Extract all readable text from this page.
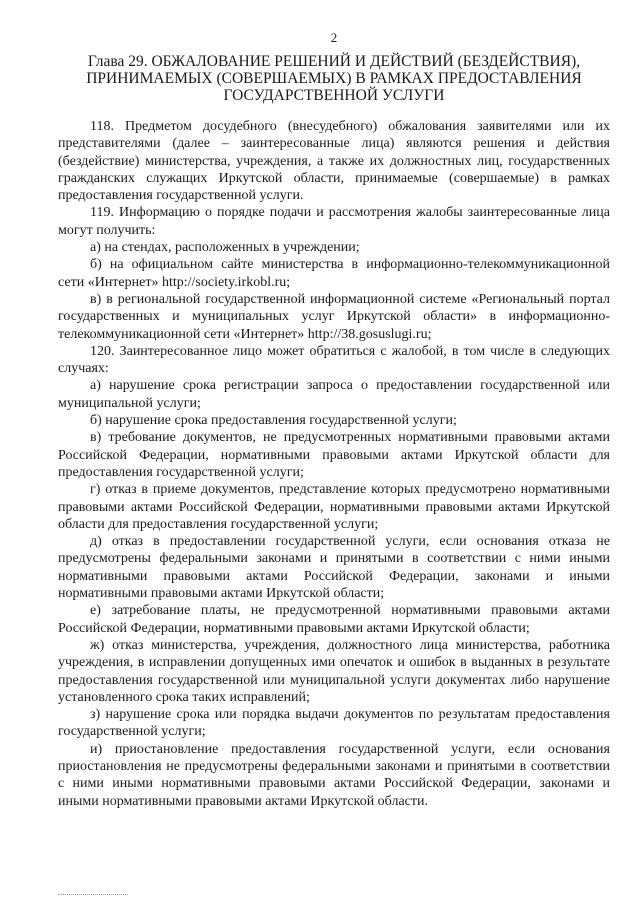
2
Глава 29. ОБЖАЛОВАНИЕ РЕШЕНИЙ И ДЕЙСТВИЙ (БЕЗДЕЙСТВИЯ),
ПРИНИМАЕМЫХ (СОВЕРШАЕМЫХ) В РАМКАХ ПРЕДОСТАВЛЕНИЯ
ГОСУДАРСТВЕННОЙ УСЛУГИ

118. Предметом досудебного (внесудебного) обжалования заявителями или их представителями (далее – заинтересованные лица) являются решения и действия (бездействие) министерства, учреждения, а также их должностных лиц, государственных гражданских служащих Иркутской области, принимаемые (совершаемые) в рамках предоставления государственной услуги.

119. Информацию о порядке подачи и рассмотрения жалобы заинтересованные лица могут получить:

а) на стендах, расположенных в учреждении;

б) на официальном сайте министерства в информационно-телекоммуникационной сети «Интернет» http://society.irkobl.ru;

в) в региональной государственной информационной системе «Региональный портал государственных и муниципальных услуг Иркутской области» в информационно-телекоммуникационной сети «Интернет» http://38.gosuslugi.ru;

120. Заинтересованное лицо может обратиться с жалобой, в том числе в следующих случаях:

а) нарушение срока регистрации запроса о предоставлении государственной или муниципальной услуги;

б) нарушение срока предоставления государственной услуги;

в) требование документов, не предусмотренных нормативными правовыми актами Российской Федерации, нормативными правовыми актами Иркутской области для предоставления государственной услуги;

г) отказ в приеме документов, представление которых предусмотрено нормативными правовыми актами Российской Федерации, нормативными правовыми актами Иркутской области для предоставления государственной услуги;

д) отказ в предоставлении государственной услуги, если основания отказа не предусмотрены федеральными законами и принятыми в соответствии с ними иными нормативными правовыми актами Российской Федерации, законами и иными нормативными правовыми актами Иркутской области;

е) затребование платы, не предусмотренной нормативными правовыми актами Российской Федерации, нормативными правовыми актами Иркутской области;

ж) отказ министерства, учреждения, должностного лица министерства, работника учреждения, в исправлении допущенных ими опечаток и ошибок в выданных в результате предоставления государственной или муниципальной услуги документах либо нарушение установленного срока таких исправлений;

з) нарушение срока или порядка выдачи документов по результатам предоставления государственной услуги;

и) приостановление предоставления государственной услуги, если основания приостановления не предусмотрены федеральными законами и принятыми в соответствии с ними иными нормативными правовыми актами Российской Федерации, законами и иными нормативными правовыми актами Иркутской области.
